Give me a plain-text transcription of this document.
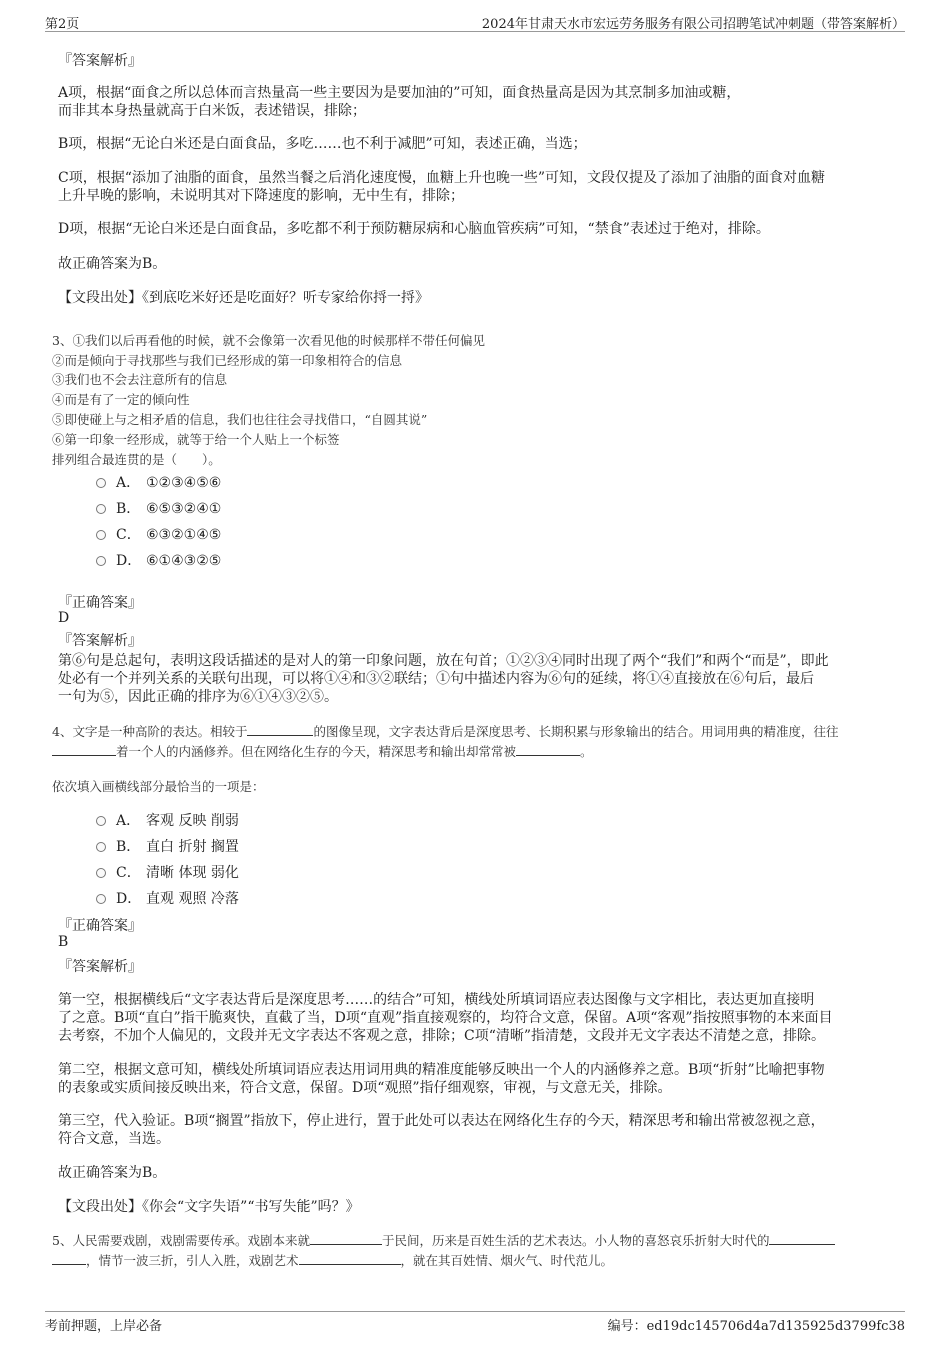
第2页	2024年甘肃天水市宏远劳务服务有限公司招聘笔试冲刺题（带答案解析）
『答案解析』
A项，根据“面食之所以总体而言热量高一些主要因为是要加油的”可知，面食热量高是因为其烹制多加油或糖，
而非其本身热量就高于白米饭，表述错误，排除；
B项，根据“无论白米还是白面食品，多吃……也不利于减肥”可知，表述正确，当选；
C项，根据“添加了油脂的面食，虽然当餐之后消化速度慢，血糖上升也晚一些”可知，文段仅提及了添加了油脂的面食对血糖
上升早晚的影响，未说明其对下降速度的影响，无中生有，排除；
D项，根据“无论白米还是白面食品，多吃都不利于预防糖尿病和心脑血管疾病”可知，“禁食”表述过于绝对，排除。
故正确答案为B。
【文段出处】《到底吃米好还是吃面好？听专家给你捋一捋》
3、①我们以后再看他的时候，就不会像第一次看见他的时候那样不带任何偏见
②而是倾向于寻找那些与我们已经形成的第一印象相符合的信息
③我们也不会去注意所有的信息
④而是有了一定的倾向性
⑤即使碰上与之相矛盾的信息，我们也往往会寻找借口，“自圆其说”
⑥第一印象一经形成，就等于给一个人贴上一个标签
排列组合最连贯的是（　　）。
A． ①②③④⑤⑥
B． ⑥⑤③②④①
C． ⑥③②①④⑤
D． ⑥①④③②⑤
『正确答案』
D
『答案解析』
第⑥句是总起句，表明这段话描述的是对人的第一印象问题，放在句首；①②③④同时出现了两个“我们”和两个“而是”，即此
处必有一个并列关系的关联句出现，可以将①④和③②联结；①句中描述内容为⑥句的延续，将①④直接放在⑥句后，最后
一句为⑤，因此正确的排序为⑥①④③②⑤。
4、文字是一种高阶的表达。相较于	的图像呈现，文字表达背后是深度思考、长期积累与形象输出的结合。用词用典的精准度，往往
着一个人的内涵修养。但在网络化生存的今天，精深思考和输出却常常被	。
依次填入画横线部分最恰当的一项是：
A． 客观 反映 削弱
B． 直白 折射 搁置
C． 清晰 体现 弱化
D． 直观 观照 冷落
『正确答案』
B
『答案解析』
第一空，根据横线后“文字表达背后是深度思考……的结合”可知，横线处所填词语应表达图像与文字相比，表达更加直接明
了之意。B项“直白”指干脆爽快，直截了当，D项“直观”指直接观察的，均符合文意，保留。A项“客观”指按照事物的本来面目
去考察，不加个人偏见的，文段并无文字表达不客观之意，排除；C项“清晰”指清楚，文段并无文字表达不清楚之意，排除。
第二空，根据文意可知，横线处所填词语应表达用词用典的精准度能够反映出一个人的内涵修养之意。B项“折射”比喻把事物
的表象或实质间接反映出来，符合文意，保留。D项“观照”指仔细观察，审视，与文意无关，排除。
第三空，代入验证。B项“搁置”指放下，停止进行，置于此处可以表达在网络化生存的今天，精深思考和输出常被忽视之意，
符合文意，当选。
故正确答案为B。
【文段出处】《你会“文字失语”“书写失能”吗？》
5、人民需要戏剧，戏剧需要传承。戏剧本来就	于民间，历来是百姓生活的艺术表达。小人物的喜怒哀乐折射大时代的
，情节一波三折，引人入胜，戏剧艺术	，就在其百姓情、烟火气、时代范儿。
考前押题，上岸必备	编号：ed19dc145706d4a7d135925d3799fc38
